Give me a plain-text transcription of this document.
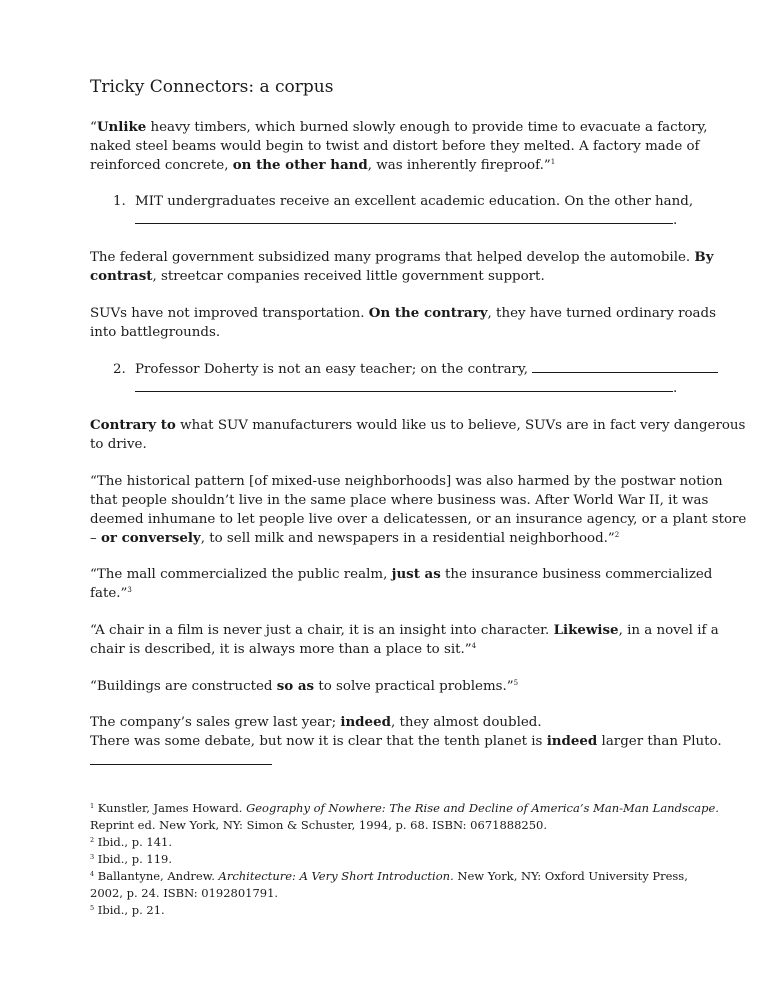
Tricky Connectors: a corpus
“Unlike heavy timbers, which burned slowly enough to provide time to evacuate a factory,
naked steel beams would begin to twist and distort before they melted. A factory made of
reinforced concrete, on the other hand, was inherently fireproof.”$^1$
1. MIT undergraduates receive an excellent academic education. On the other hand,
.
The federal government subsidized many programs that helped develop the automobile. By
contrast, streetcar companies received little government support.
SUVs have not improved transportation. On the contrary, they have turned ordinary roads
into battlegrounds.
2. Professor Doherty is not an easy teacher; on the contrary,
.
Contrary to what SUV manufacturers would like us to believe, SUVs are in fact very dangerous
to drive.
“The historical pattern [of mixed-use neighborhoods] was also harmed by the postwar notion
that people shouldn’t live in the same place where business was. After World War II, it was
deemed inhumane to let people live over a delicatessen, or an insurance agency, or a plant store
– or conversely, to sell milk and newspapers in a residential neighborhood.”$^2$
“The mall commercialized the public realm, just as the insurance business commercialized
fate.”$^3$
“A chair in a film is never just a chair, it is an insight into character. Likewise, in a novel if a
chair is described, it is always more than a place to sit.”$^4$
“Buildings are constructed so as to solve practical problems.”$^5$
The company’s sales grew last year; indeed, they almost doubled.
There was some debate, but now it is clear that the tenth planet is indeed larger than Pluto.
$^1$ Kunstler, James Howard. Geography of Nowhere: The Rise and Decline of America’s Man-Man Landscape.
Reprint ed. New York, NY: Simon & Schuster, 1994, p. 68. ISBN: 0671888250.
$^2$ Ibid., p. 141.
$^3$ Ibid., p. 119.
$^4$ Ballantyne, Andrew. Architecture: A Very Short Introduction. New York, NY: Oxford University Press,
2002, p. 24. ISBN: 0192801791.
$^5$ Ibid., p. 21.
